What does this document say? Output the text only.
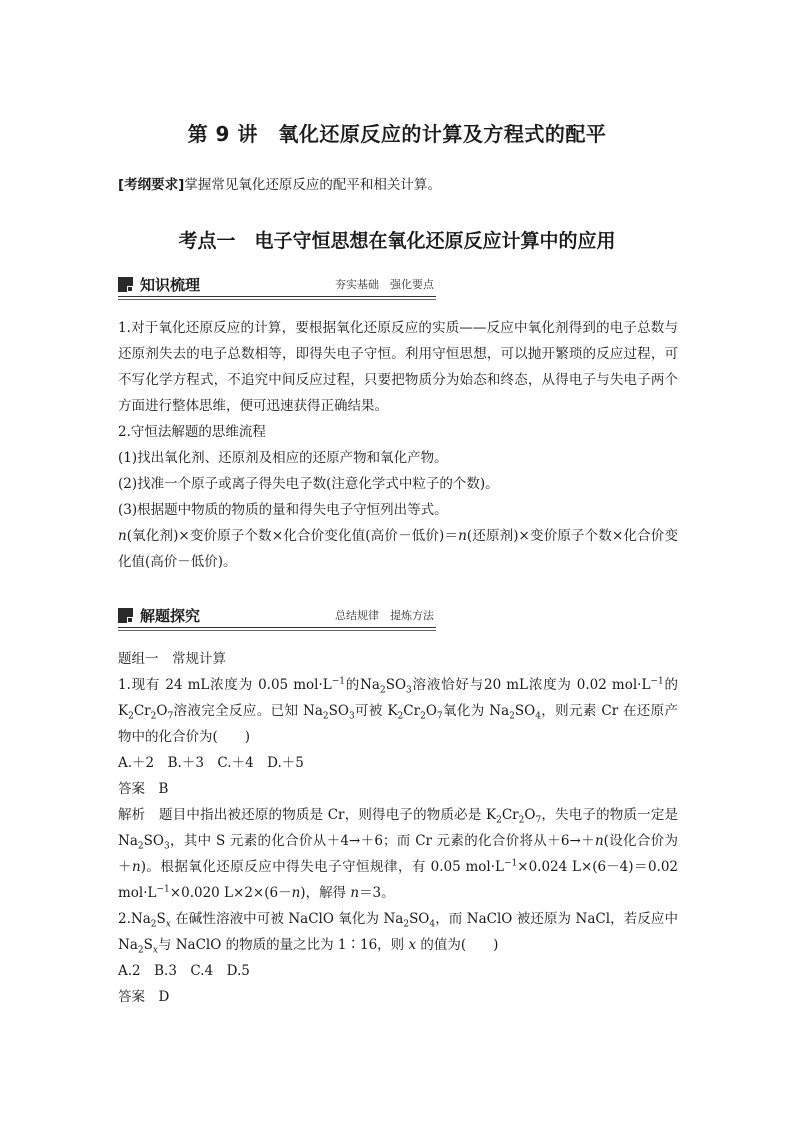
第 9 讲　氧化还原反应的计算及方程式的配平
[考纲要求]掌握常见氧化还原反应的配平和相关计算。
考点一　电子守恒思想在氧化还原反应计算中的应用
知识梳理	夯实基础　强化要点

1.对于氧化还原反应的计算，要根据氧化还原反应的实质——反应中氧化剂得到的电子总数与还原剂失去的电子总数相等，即得失电子守恒。利用守恒思想，可以抛开繁琐的反应过程，可不写化学方程式，不追究中间反应过程，只要把物质分为始态和终态，从得电子与失电子两个方面进行整体思维，便可迅速获得正确结果。

2.守恒法解题的思维流程

(1)找出氧化剂、还原剂及相应的还原产物和氧化产物。

(2)找准一个原子或离子得失电子数(注意化学式中粒子的个数)。

(3)根据题中物质的物质的量和得失电子守恒列出等式。

n(氧化剂)×变价原子个数×化合价变化值(高价－低价)＝n(还原剂)×变价原子个数×化合价变化值(高价－低价)。

解题探究	总结规律　提炼方法

题组一　常规计算

1.现有 24 mL浓度为 0.05 $mol\cdot L^{-1}$的$Na_2SO_3$溶液恰好与20 mL浓度为 0.02 $mol\cdot L^{-1}$的$K_2Cr_2O_7$溶液完全反应。已知 $Na_2SO_3$可被 $K_2Cr_2O_7$氧化为 $Na_2SO_4$，则元素 Cr 在还原产物中的化合价为(　　)

A.＋2　B.＋3　C.＋4　D.＋5

答案　B

解析　题目中指出被还原的物质是 Cr，则得电子的物质必是 $K_2Cr_2O_7$，失电子的物质一定是 $Na_2SO_3$，其中 S 元素的化合价从＋4→＋6；而 Cr 元素的化合价将从＋6→＋n(设化合价为＋n)。根据氧化还原反应中得失电子守恒规律，有 0.05 $mol\cdot L^{-1}\times 0.024$ L×(6－4)＝0.02 $mol\cdot L^{-1}\times 0.020$ L×2×(6－n)，解得 n＝3。

$2.Na_2S_x$ 在碱性溶液中可被 NaClO 氧化为 $Na_2SO_4$，而 NaClO 被还原为 NaCl，若反应中 $Na_2S_x$与 NaClO 的物质的量之比为 1∶16，则 x 的值为(　　)

A.2　B.3　C.4　D.5

答案　D
